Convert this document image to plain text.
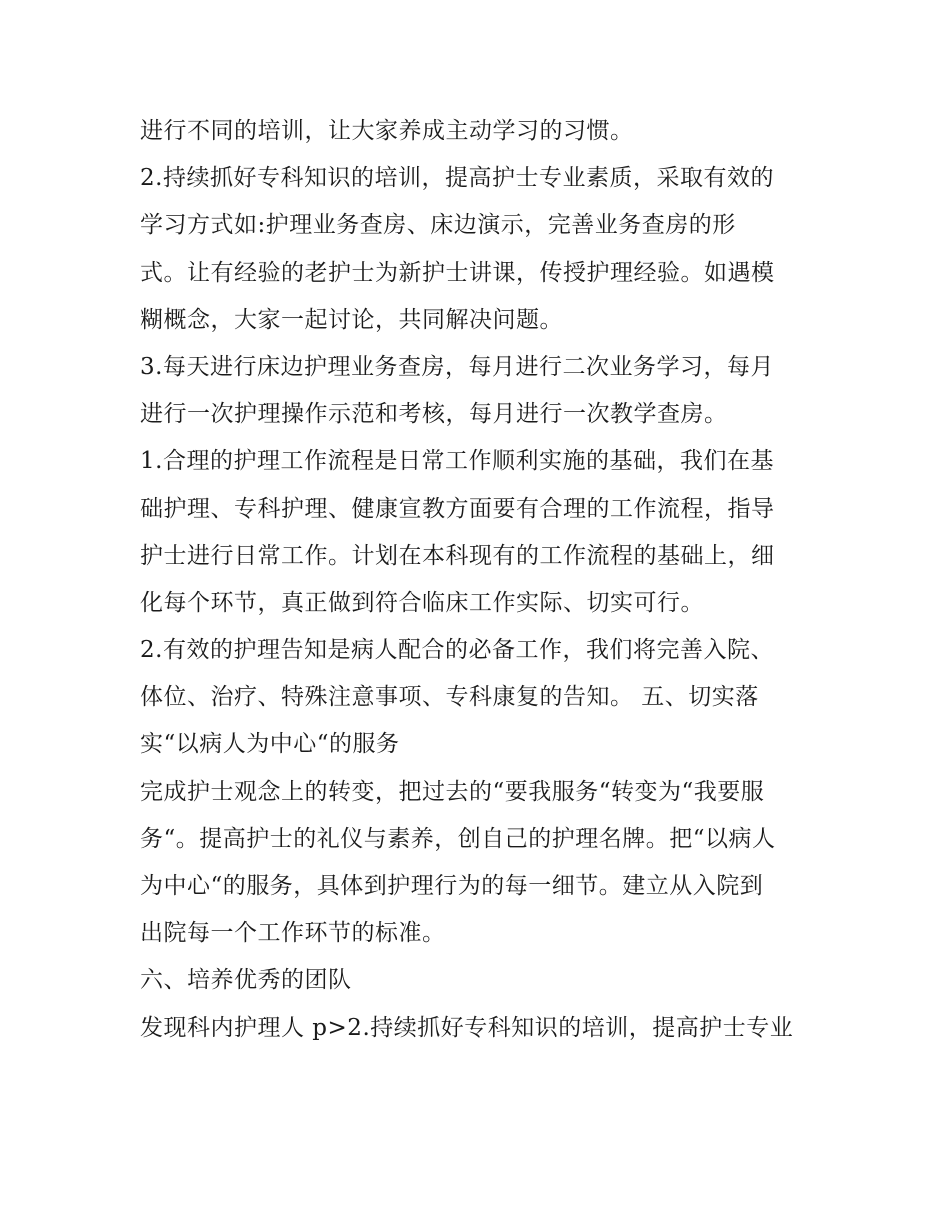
进行不同的培训，让大家养成主动学习的习惯。
2.持续抓好专科知识的培训，提高护士专业素质，采取有效的
学习方式如:护理业务查房、床边演示，完善业务查房的形
式。让有经验的老护士为新护士讲课，传授护理经验。如遇模
糊概念，大家一起讨论，共同解决问题。
3.每天进行床边护理业务查房，每月进行二次业务学习，每月
进行一次护理操作示范和考核，每月进行一次教学查房。
1.合理的护理工作流程是日常工作顺利实施的基础，我们在基
础护理、专科护理、健康宣教方面要有合理的工作流程，指导
护士进行日常工作。计划在本科现有的工作流程的基础上，细
化每个环节，真正做到符合临床工作实际、切实可行。
2.有效的护理告知是病人配合的必备工作，我们将完善入院、
体位、治疗、特殊注意事项、专科康复的告知。 五、切实落
实“以病人为中心“的服务
完成护士观念上的转变，把过去的“要我服务“转变为“我要服
务“。提高护士的礼仪与素养，创自己的护理名牌。把“以病人
为中心“的服务，具体到护理行为的每一细节。建立从入院到
出院每一个工作环节的标准。
六、培养优秀的团队
发现科内护理人 p>2.持续抓好专科知识的培训，提高护士专业
